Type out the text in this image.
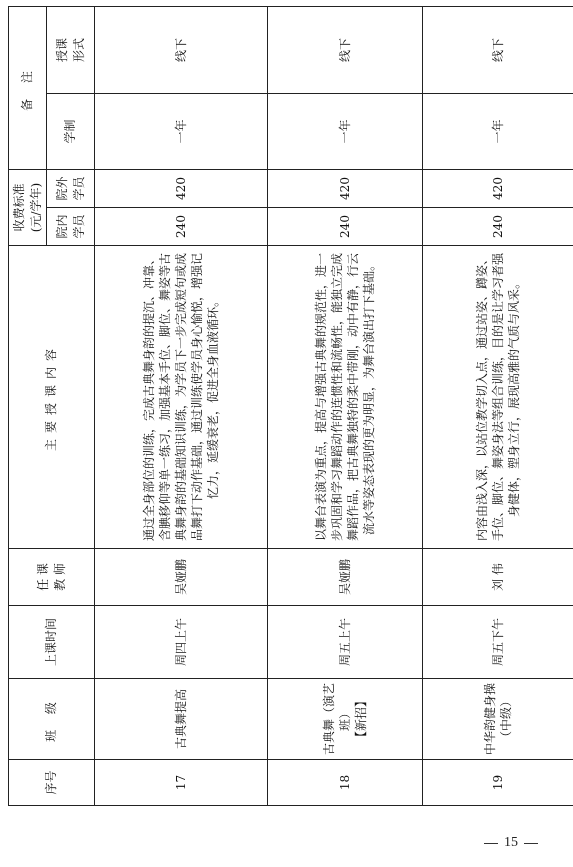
序号	班 级	上课时间	任 课 教 师	主要授课内容	收费标准 (元/学年)		备 注	

					院内 学员	院外 学员	学制	授课 形式

17	古典舞提高	周四上午	吴娅鹏	通过全身部位的训练，完成古典舞身韵的提沉、冲靠、含腆移仰等单一练习，加强基本手位、脚位、舞姿等古典舞身韵的基础知识训练，为学员下一步完成短句或成品舞打下动作基础，通过训练使学员身心愉悦，增强记忆力，延缓衰老，促进全身血液循环。	240	420	一年	线下
18	古典舞（演艺班） 【新招】	周五上午	吴娅鹏	以舞台表演为重点，提高与增强古典舞的规范性，进一步巩固和学习舞蹈动作的连惯性和流畅性，能独立完成舞蹈作品，把古典舞独特的柔中带刚，动中有静，行云流水等姿态表现的更为明显，为舞台演出打下基础。	240	420	一年	线下
19	中华韵健身操 （中级）	周五下午	刘 伟	内容由浅入深，以站位教学切入点，通过站姿、蹲姿、手位、脚位、舞姿身法等组合训练，目的是让学习者强身健体，塑身立行，展现高雅的气质与风采。	240	420	一年	线下
15
